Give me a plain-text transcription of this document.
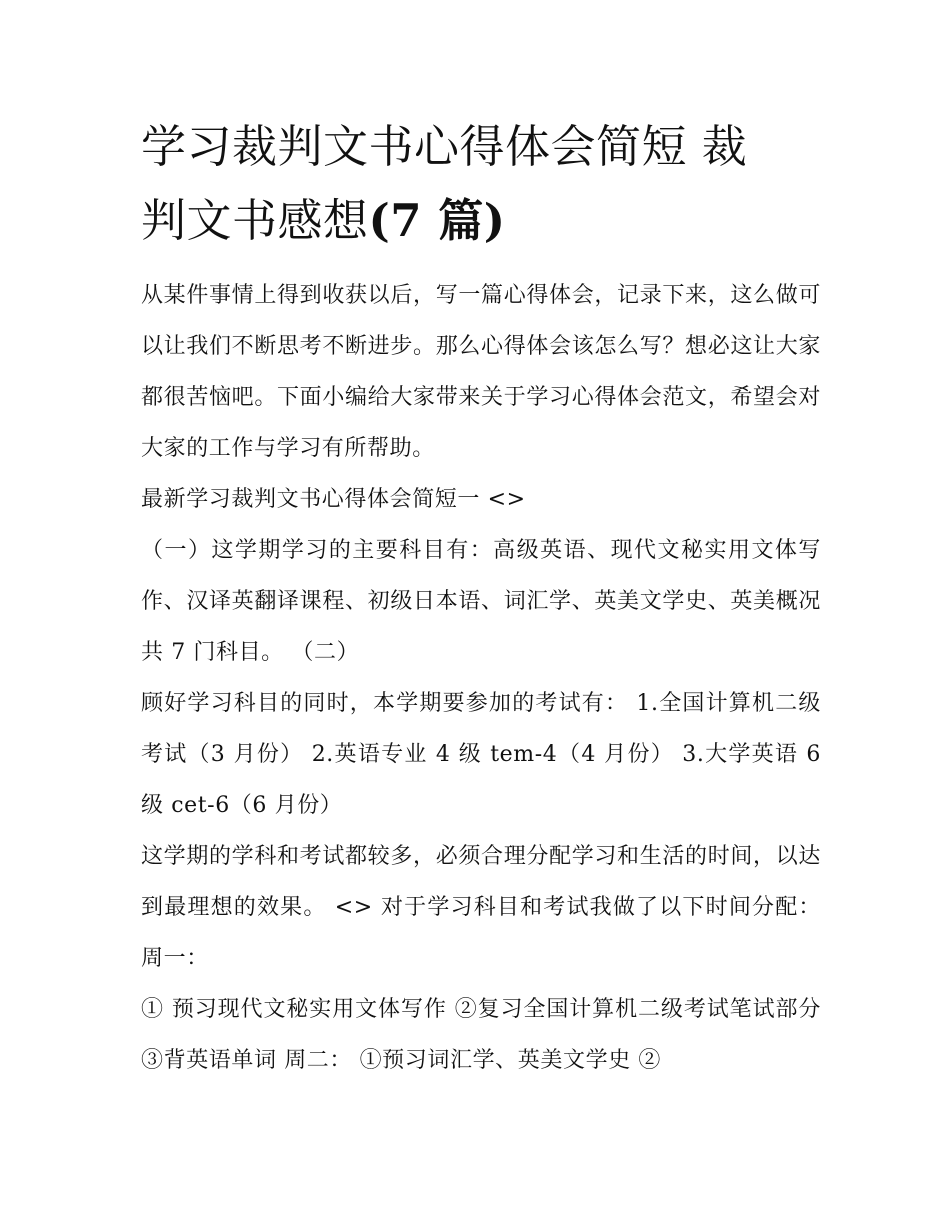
学习裁判文书心得体会简短 裁
判文书感想(7 篇)

从某件事情上得到收获以后，写一篇心得体会，记录下来，这么做可以让我们不断思考不断进步。那么心得体会该怎么写？想必这让大家都很苦恼吧。下面小编给大家带来关于学习心得体会范文，希望会对大家的工作与学习有所帮助。

最新学习裁判文书心得体会简短一 <>

（一）这学期学习的主要科目有：高级英语、现代文秘实用文体写作、汉译英翻译课程、初级日本语、词汇学、英美文学史、英美概况共 7 门科目。 （二）

顾好学习科目的同时，本学期要参加的考试有： 1.全国计算机二级考试（3 月份） 2.英语专业 4 级 tem-4（4 月份） 3.大学英语 6 级 cet-6（6 月份）

这学期的学科和考试都较多，必须合理分配学习和生活的时间，以达到最理想的效果。 <> 对于学习科目和考试我做了以下时间分配： 周一：

① 预习现代文秘实用文体写作 ②复习全国计算机二级考试笔试部分 ③背英语单词 周二： ①预习词汇学、英美文学史 ②
